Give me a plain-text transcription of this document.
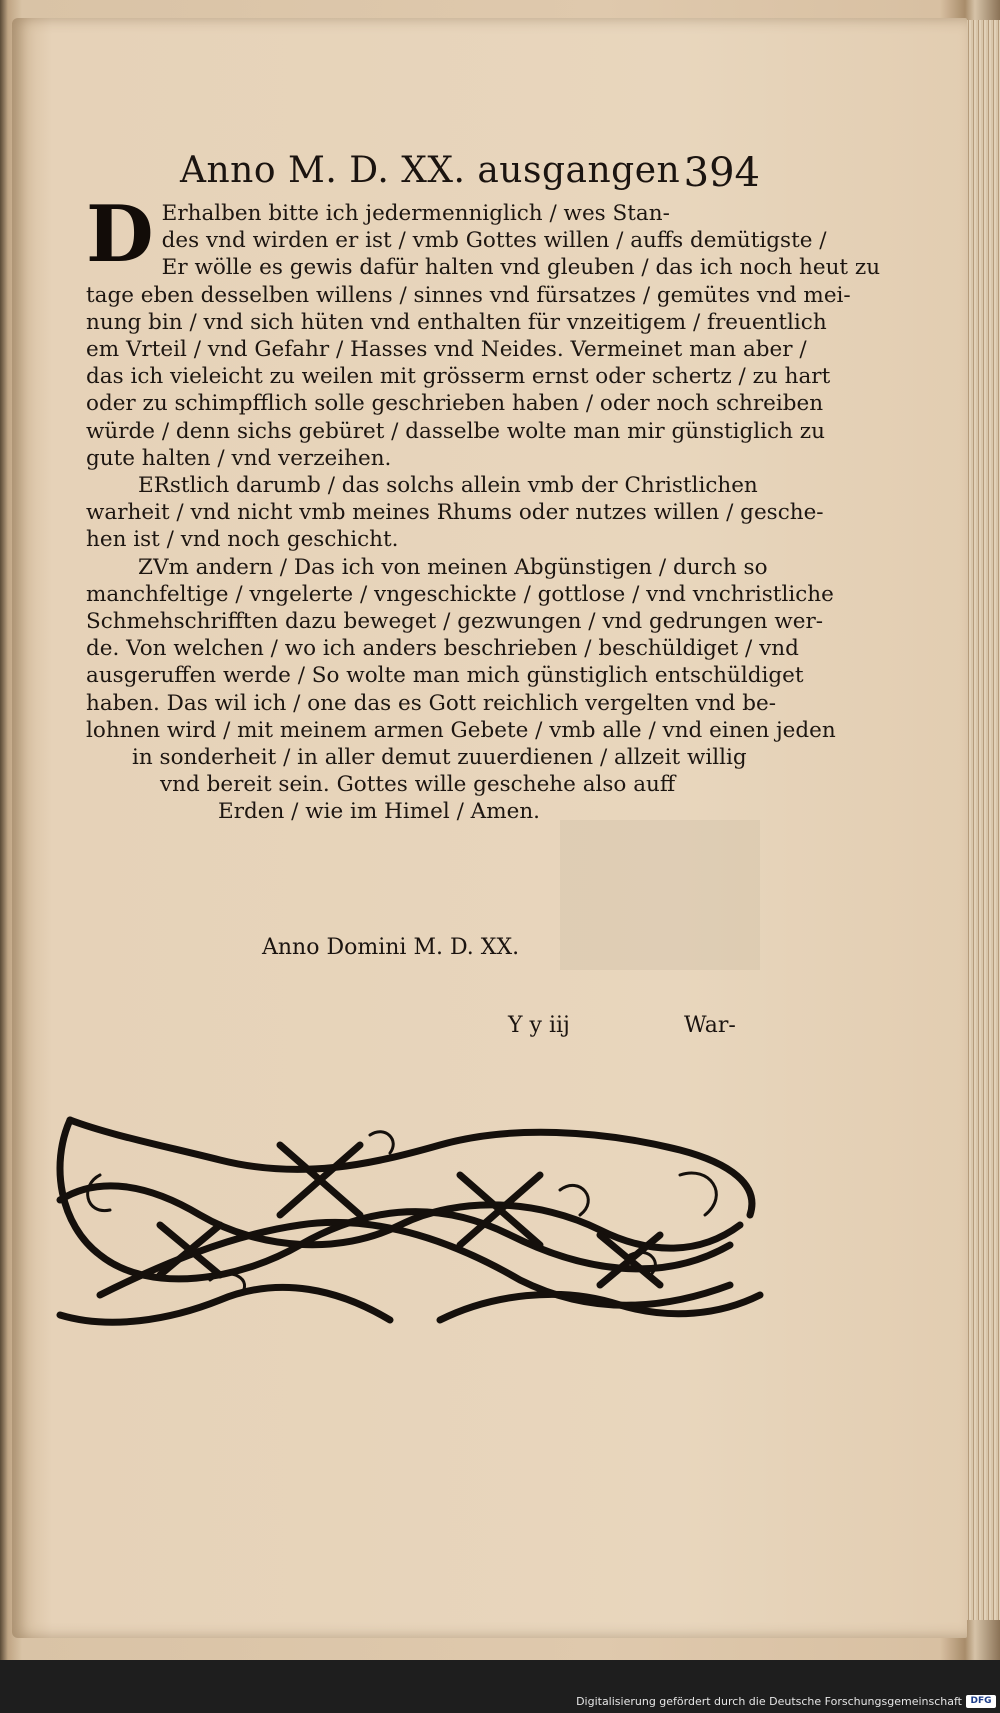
Anno M. D. XX. ausgangen 394

D Erhalben bitte ich jedermenniglich / wes Stan-
des vnd wirden er ist / vmb Gottes willen / auffs demütigste /
Er wölle es gewis dafür halten vnd gleuben / das ich noch heut zu
tage eben desselben willens / sinnes vnd fürsatzes / gemütes vnd mei-
nung bin / vnd sich hüten vnd enthalten für vnzeitigem / freuentlich
em Vrteil / vnd Gefahr / Hasses vnd Neides. Vermeinet man aber /
das ich vieleicht zu weilen mit grösserm ernst oder schertz / zu hart
oder zu schimpfflich solle geschrieben haben / oder noch schreiben
würde / denn sichs gebüret / dasselbe wolte man mir günstiglich zu
gute halten / vnd verzeihen.

ERstlich darumb / das solchs allein vmb der Christlichen
warheit / vnd nicht vmb meines Rhums oder nutzes willen / gesche-
hen ist / vnd noch geschicht.

ZVm andern / Das ich von meinen Abgünstigen / durch so
manchfeltige / vngelerte / vngeschickte / gottlose / vnd vnchristliche
Schmehschrifften dazu beweget / gezwungen / vnd gedrungen wer-
de. Von welchen / wo ich anders beschrieben / beschüldiget / vnd
ausgeruffen werde / So wolte man mich günstiglich entschüldiget
haben. Das wil ich / one das es Gott reichlich vergelten vnd be-
lohnen wird / mit meinem armen Gebete / vmb alle / vnd einen jeden
in sonderheit / in aller demut zuuerdienen / allzeit willig
vnd bereit sein. Gottes wille geschehe also auff
Erden / wie im Himel / Amen.

Anno Domini M. D. XX.
Y y iij	War-
Digitalisierung gefördert durch die Deutsche Forschungsgemeinschaft DFG
